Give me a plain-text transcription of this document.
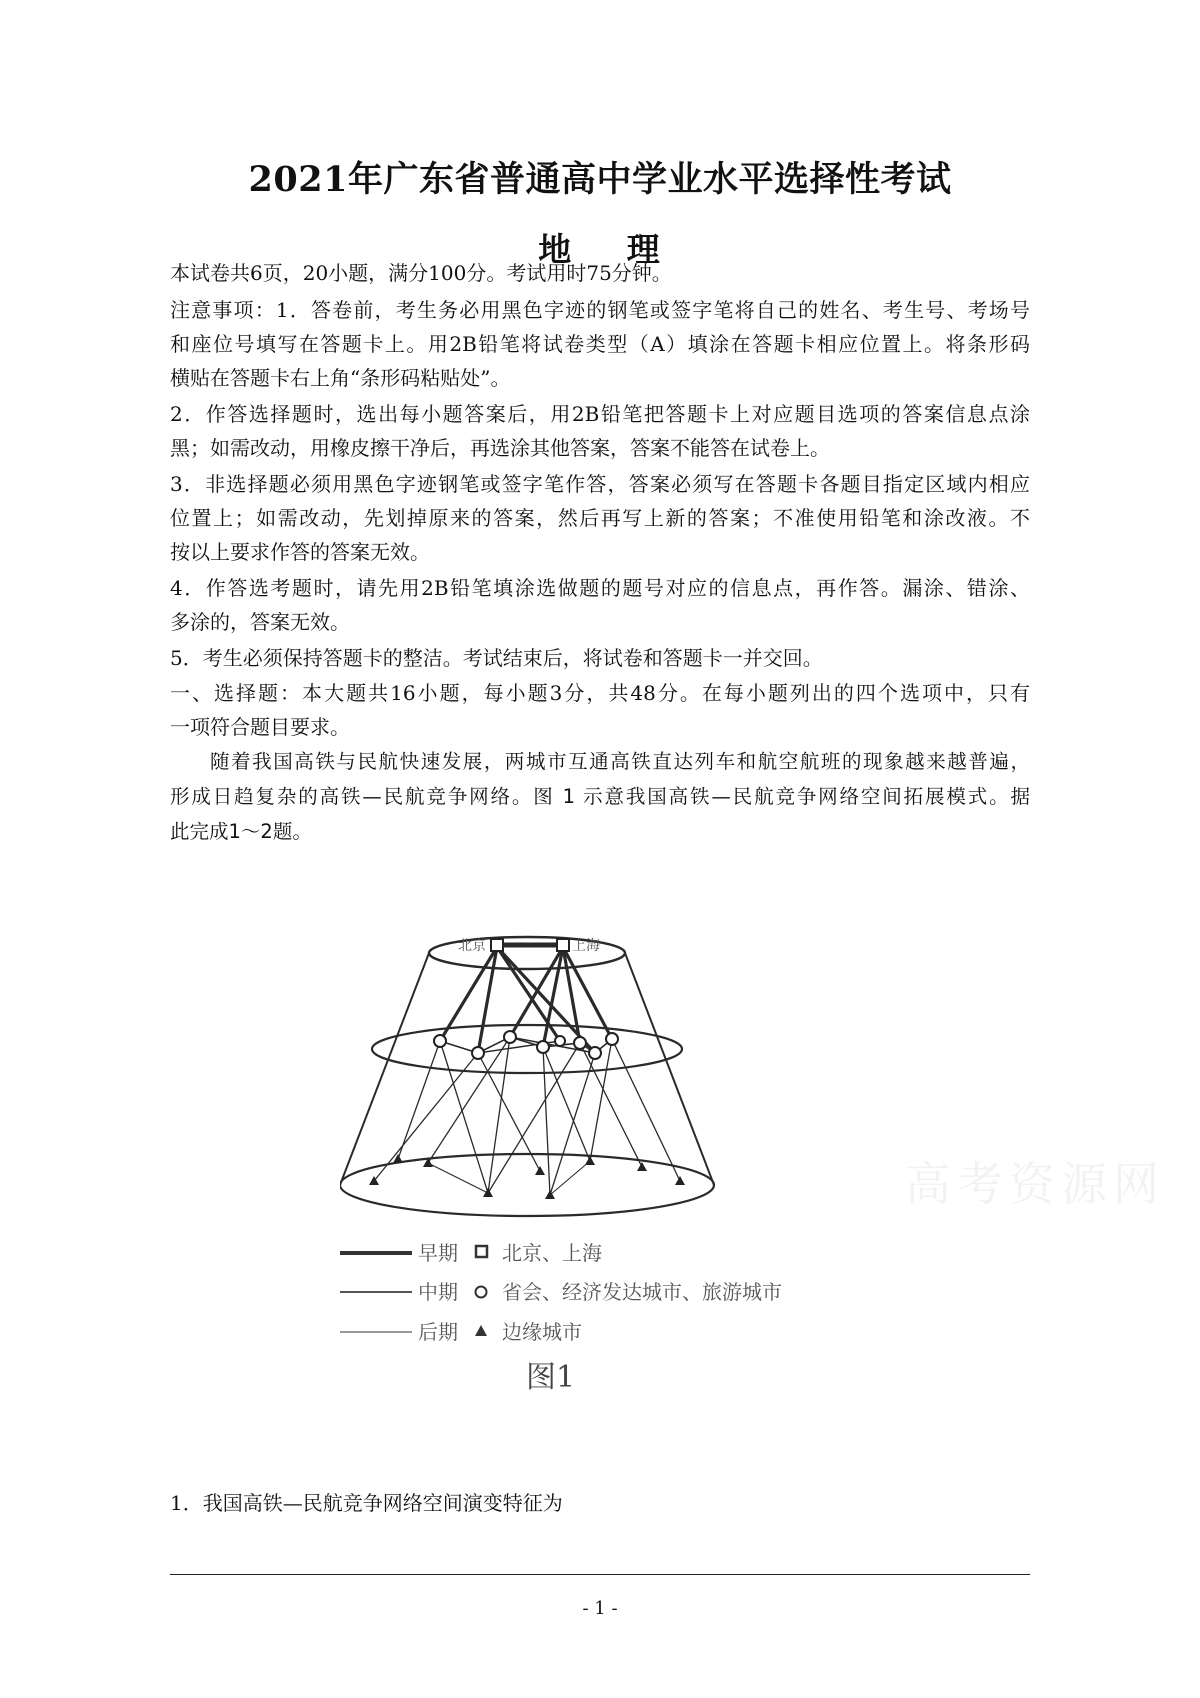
2021年广东省普通高中学业水平选择性考试
地 理
本试卷共6页，20小题，满分100分。考试用时75分钟。
注意事项：1．答卷前，考生务必用黑色字迹的钢笔或签字笔将自己的姓名、考生号、考场号
和座位号填写在答题卡上。用2B铅笔将试卷类型（A）填涂在答题卡相应位置上。将条形码
横贴在答题卡右上角“条形码粘贴处”。
2．作答选择题时，选出每小题答案后，用2B铅笔把答题卡上对应题目选项的答案信息点涂
黑；如需改动，用橡皮擦干净后，再选涂其他答案，答案不能答在试卷上。
3．非选择题必须用黑色字迹钢笔或签字笔作答，答案必须写在答题卡各题目指定区域内相应
位置上；如需改动，先划掉原来的答案，然后再写上新的答案；不准使用铅笔和涂改液。不
按以上要求作答的答案无效。
4．作答选考题时，请先用2B铅笔填涂选做题的题号对应的信息点，再作答。漏涂、错涂、
多涂的，答案无效。
5．考生必须保持答题卡的整洁。考试结束后，将试卷和答题卡一并交回。
一、选择题：本大题共16小题，每小题3分，共48分。在每小题列出的四个选项中，只有
一项符合题目要求。
随着我国高铁与民航快速发展，两城市互通高铁直达列车和航空航班的现象越来越普遍，
形成日趋复杂的高铁—民航竞争网络。图 1 示意我国高铁—民航竞争网络空间拓展模式。据
此完成1～2题。
北京	上海
早期 北京、上海
中期 省会、经济发达城市、旅游城市
后期 边缘城市
图1
高考资源网
1．我国高铁—民航竞争网络空间演变特征为
- 1 -
